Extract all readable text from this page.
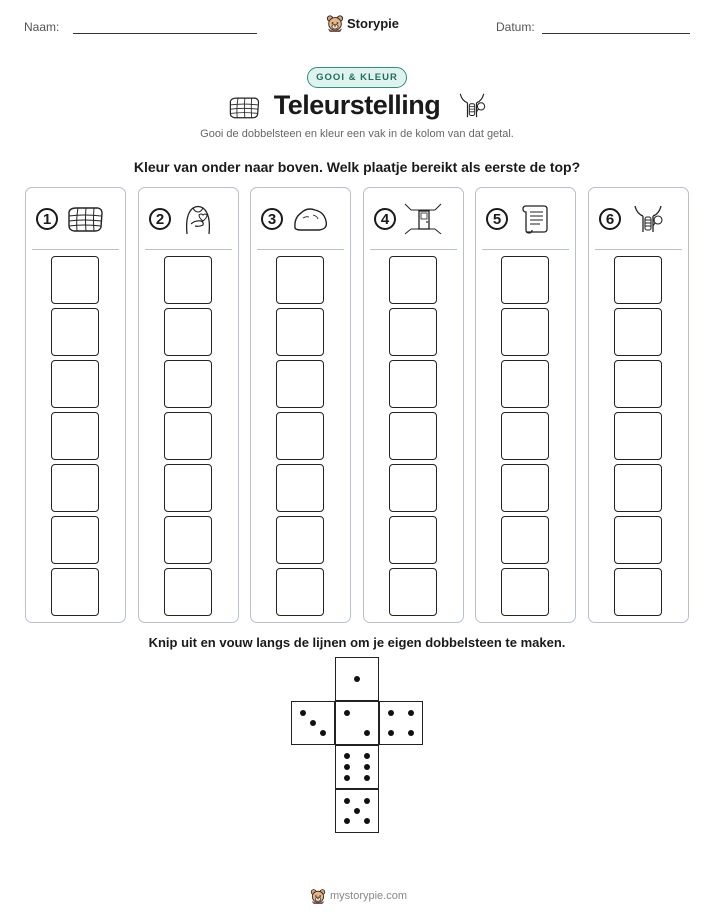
Naam:	Storypie	Datum:
GOOI & KLEUR
Teleurstelling
Gooi de dobbelsteen en kleur een vak in de kolom van dat getal.
Kleur van onder naar boven. Welk plaatje bereikt als eerste de top?
1	2	3	4	5	6
Knip uit en vouw langs de lijnen om je eigen dobbelsteen te maken.
mystorypie.com
